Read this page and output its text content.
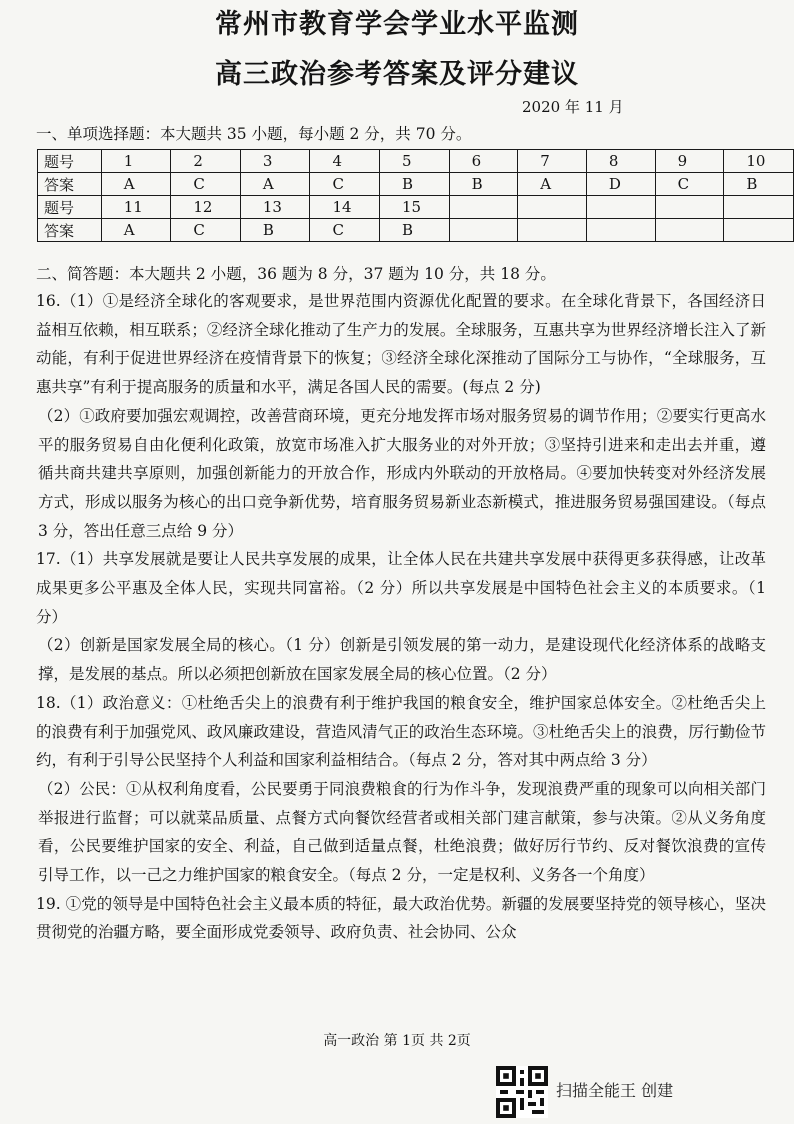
常州市教育学会学业水平监测
高三政治参考答案及评分建议
2020 年 11 月
一、单项选择题：本大题共 35 小题，每小题 2 分，共 70 分。
题号	1	2	3	4	5	6	7	8	9	10
答案	A	C	A	C	B	B	A	D	C	B
题号	11	12	13	14	15					
答案	A	C	B	C	B					
二、简答题：本大题共 2 小题，36 题为 8 分，37 题为 10 分，共 18 分。

16.（1）①是经济全球化的客观要求，是世界范围内资源优化配置的要求。在全球化背景下，各国经济日益相互依赖，相互联系；②经济全球化推动了生产力的发展。全球服务，互惠共享为世界经济增长注入了新动能，有利于促进世界经济在疫情背景下的恢复；③经济全球化深推动了国际分工与协作，“全球服务，互惠共享”有利于提高服务的质量和水平，满足各国人民的需要。(每点 2 分)

（2）①政府要加强宏观调控，改善营商环境，更充分地发挥市场对服务贸易的调节作用；②要实行更高水平的服务贸易自由化便利化政策，放宽市场准入扩大服务业的对外开放；③坚持引进来和走出去并重，遵循共商共建共享原则，加强创新能力的开放合作，形成内外联动的开放格局。④要加快转变对外经济发展方式，形成以服务为核心的出口竞争新优势，培育服务贸易新业态新模式，推进服务贸易强国建设。（每点 3 分，答出任意三点给 9 分）

17.（1）共享发展就是要让人民共享发展的成果，让全体人民在共建共享发展中获得更多获得感，让改革成果更多公平惠及全体人民，实现共同富裕。（2 分）所以共享发展是中国特色社会主义的本质要求。（1 分）

（2）创新是国家发展全局的核心。（1 分）创新是引领发展的第一动力，是建设现代化经济体系的战略支撑，是发展的基点。所以必须把创新放在国家发展全局的核心位置。（2 分）

18.（1）政治意义：①杜绝舌尖上的浪费有利于维护我国的粮食安全，维护国家总体安全。②杜绝舌尖上的浪费有利于加强党风、政风廉政建设，营造风清气正的政治生态环境。③杜绝舌尖上的浪费，厉行勤俭节约，有利于引导公民坚持个人利益和国家利益相结合。（每点 2 分，答对其中两点给 3 分）

（2）公民：①从权利角度看，公民要勇于同浪费粮食的行为作斗争，发现浪费严重的现象可以向相关部门举报进行监督；可以就菜品质量、点餐方式向餐饮经营者或相关部门建言献策，参与决策。②从义务角度看，公民要维护国家的安全、利益，自己做到适量点餐，杜绝浪费；做好厉行节约、反对餐饮浪费的宣传引导工作，以一己之力维护国家的粮食安全。（每点 2 分，一定是权利、义务各一个角度）

19. ①党的领导是中国特色社会主义最本质的特征，最大政治优势。新疆的发展要坚持党的领导核心，坚决贯彻党的治疆方略，要全面形成党委领导、政府负责、社会协同、公众

高一政治 第 1页 共 2页
扫描全能王 创建
